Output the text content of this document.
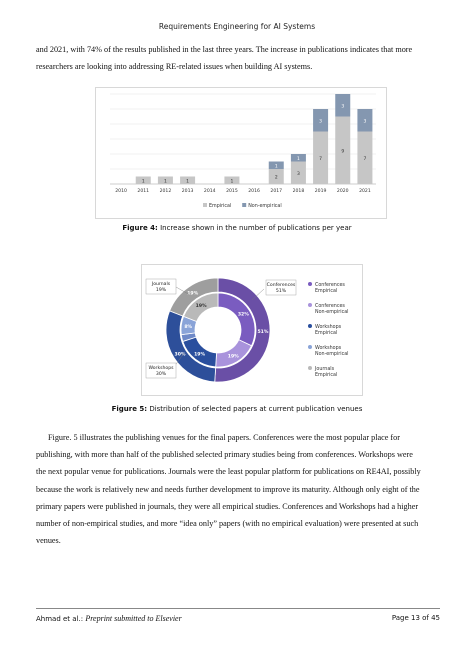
Requirements Engineering for AI Systems
and 2021, with 74% of the results published in the last three years. The increase in publications indicates that more
researchers are looking into addressing RE-related issues when building AI systems.
2010
1
2011
1
2012
1
2013 2014
1
2015 2016
2
1
2017
3
1
2018
7
3
2019
9
3
2020
7
3
2021
Empirical	Non-empirical
Figure 4: Increase shown in the number of publications per year
51%
30%
19%
32%
19%
19%
8%
19%
Conferences
51%
Journals
19%
Workshops
30%
Conferences
Empirical
Conferences
Non-empirical
Workshops
Empirical
Workshops
Non-empirical
Journals
Empirical
Figure 5: Distribution of selected papers at current publication venues
Figure. 5 illustrates the publishing venues for the final papers. Conferences were the most popular place for
publishing, with more than half of the published selected primary studies being from conferences. Workshops were
the next popular venue for publications. Journals were the least popular platform for publications on RE4AI, possibly
because the work is relatively new and needs further development to improve its maturity. Although only eight of the
primary papers were published in journals, they were all empirical studies. Conferences and Workshops had a higher
number of non-empirical studies, and more “idea only” papers (with no empirical evaluation) were presented at such
venues.
Ahmad et al.: Preprint submitted to Elsevier	Page 13 of 45
